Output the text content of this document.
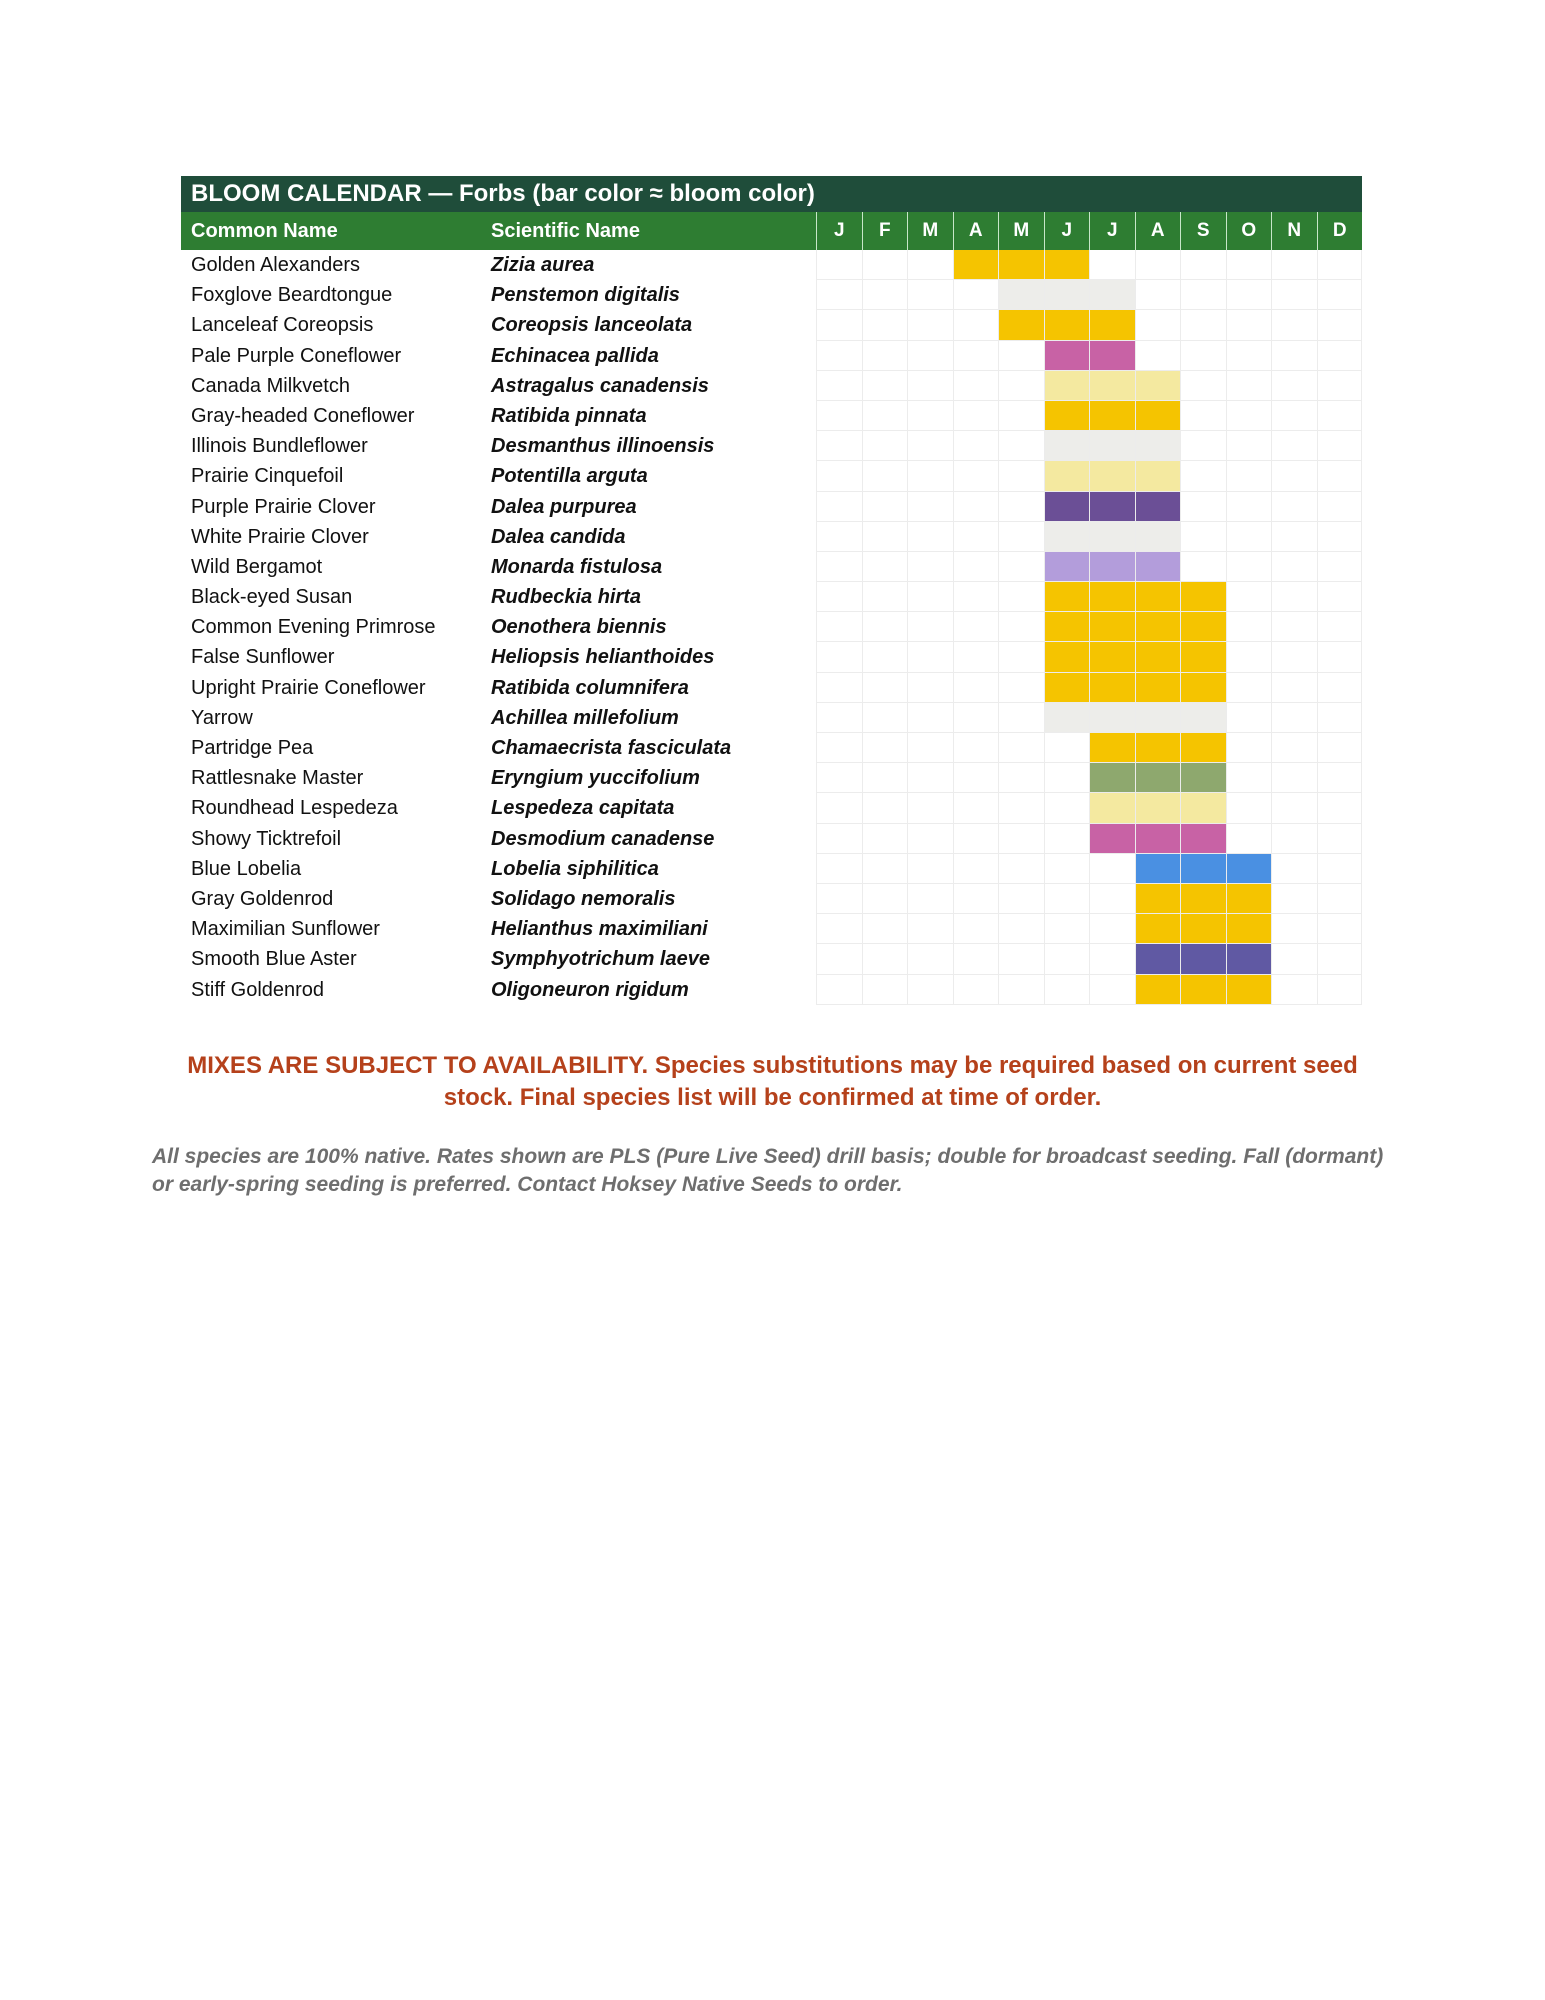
BLOOM CALENDAR — Forbs (bar color ≈ bloom color)
Common Name	Scientific Name	J	F	M	A	M	J	J	A	S	O	N	D
Golden Alexanders	Zizia aurea
Foxglove Beardtongue	Penstemon digitalis
Lanceleaf Coreopsis	Coreopsis lanceolata
Pale Purple Coneflower	Echinacea pallida
Canada Milkvetch	Astragalus canadensis
Gray-headed Coneflower	Ratibida pinnata
Illinois Bundleflower	Desmanthus illinoensis
Prairie Cinquefoil	Potentilla arguta
Purple Prairie Clover	Dalea purpurea
White Prairie Clover	Dalea candida
Wild Bergamot	Monarda fistulosa
Black-eyed Susan	Rudbeckia hirta
Common Evening Primrose	Oenothera biennis
False Sunflower	Heliopsis helianthoides
Upright Prairie Coneflower	Ratibida columnifera
Yarrow	Achillea millefolium
Partridge Pea	Chamaecrista fasciculata
Rattlesnake Master	Eryngium yuccifolium
Roundhead Lespedeza	Lespedeza capitata
Showy Ticktrefoil	Desmodium canadense
Blue Lobelia	Lobelia siphilitica
Gray Goldenrod	Solidago nemoralis
Maximilian Sunflower	Helianthus maximiliani
Smooth Blue Aster	Symphyotrichum laeve
Stiff Goldenrod	Oligoneuron rigidum
MIXES ARE SUBJECT TO AVAILABILITY. Species substitutions may be required based on current seed stock. Final species list will be confirmed at time of order.
All species are 100% native. Rates shown are PLS (Pure Live Seed) drill basis; double for broadcast seeding. Fall (dormant) or early-spring seeding is preferred. Contact Hoksey Native Seeds to order.
